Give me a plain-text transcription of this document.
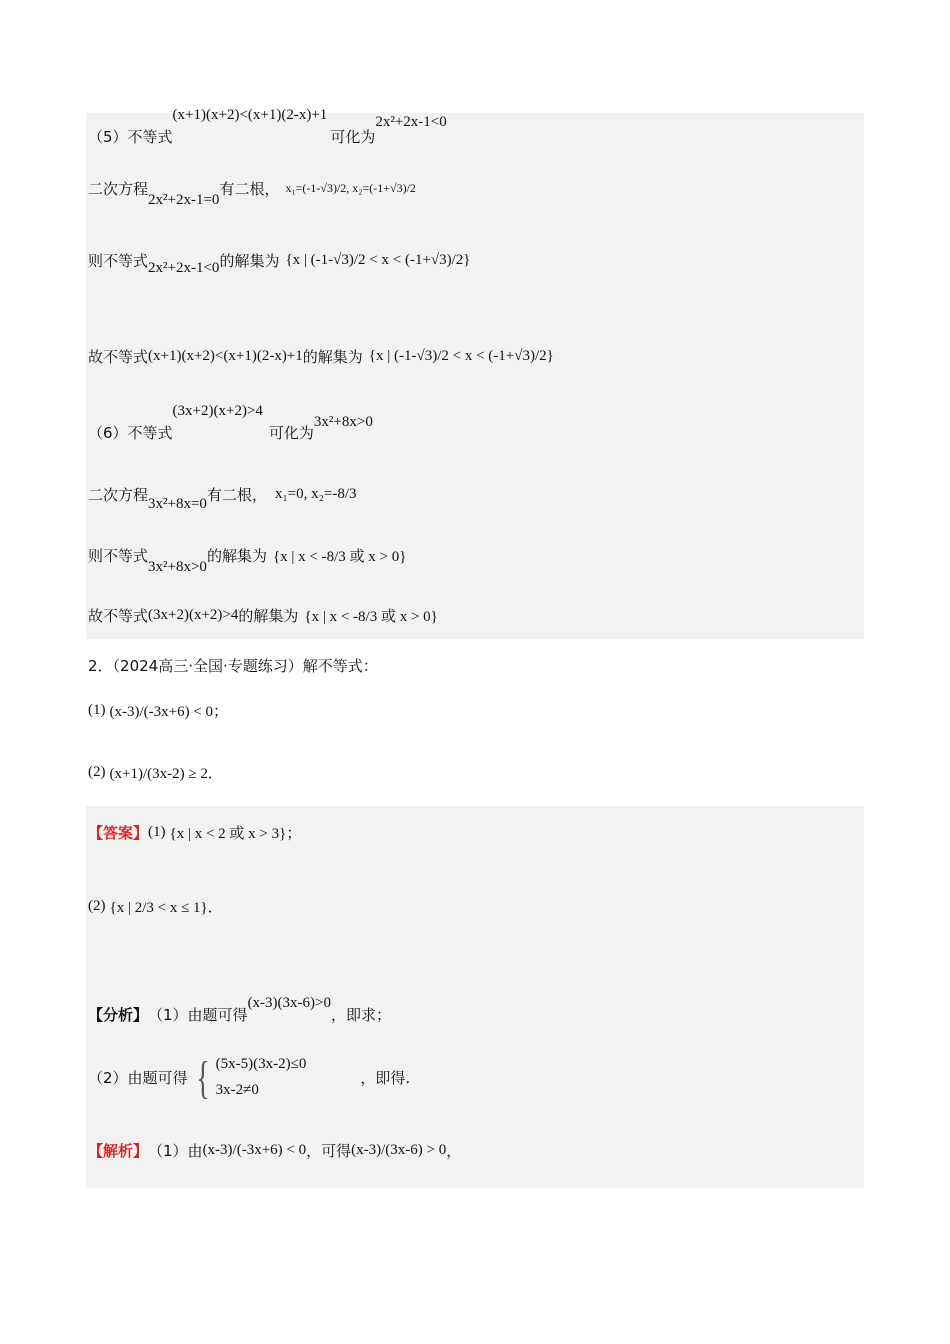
（5）不等式
(x+1)(x+2)<(x+1)(2-x)+1
可化为
2x²+2x-1<0
二次方程
2x²+2x-1=0
有二根， x₁=(-1-√3)/2, x₂=(-1+√3)/2
则不等式 2x²+2x-1<0 的解集为 {x | (-1-√3)/2 < x < (-1+√3)/2}
故不等式 (x+1)(x+2)<(x+1)(2-x)+1 的解集为 {x | (-1-√3)/2 < x < (-1+√3)/2}
（6）不等式
(3x+2)(x+2)>4
可化为
3x²+8x>0
二次方程 3x²+8x=0 有二根， x₁=0, x₂=-8/3
则不等式
3x²+8x>0
的解集为 {x | x < -8/3 或 x > 0}
故不等式 (3x+2)(x+2)>4 的解集为 {x | x < -8/3 或 x > 0}
2．（2024高三·全国·专题练习）解不等式：
(1) (x-3)/(-3x+6) < 0；
(2) (x+1)/(3x-2) ≥ 2．
【答案】 (1) {x | x < 2 或 x > 3}；
(2) {x | 2/3 < x ≤ 1}．
【分析】 （1）由题可得
(x-3)(3x-6)>0
，即求；
（2）由题可得 { (5x-5)(3x-2)≤0
3x-2≠0
，即得.
【解析】 （1）由 (x-3)/(-3x+6) < 0 ，可得 (x-3)/(3x-6) > 0 ，
